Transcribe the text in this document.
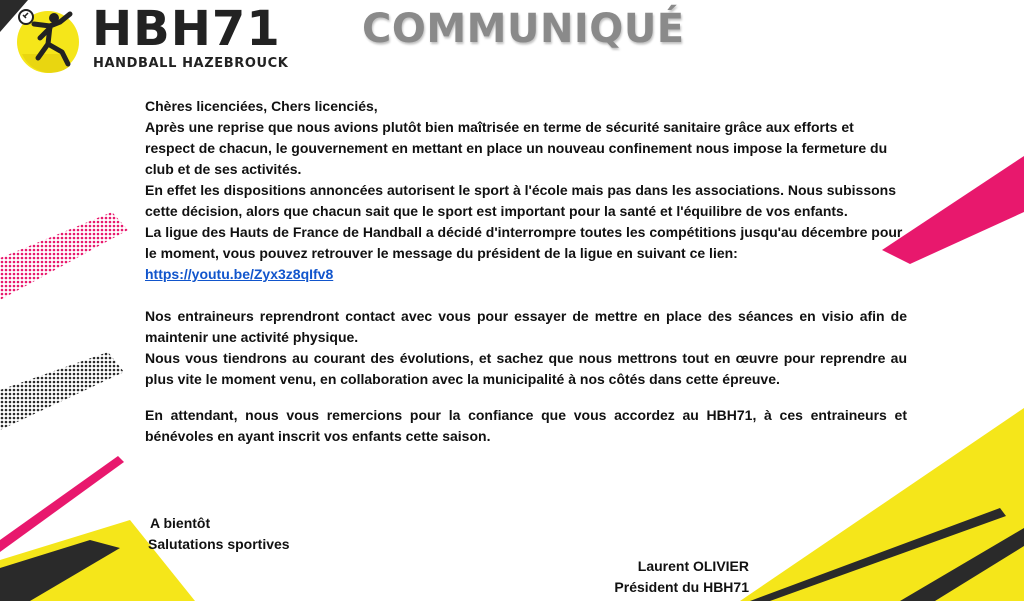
HBH71
HANDBALL HAZEBROUCK
COMMUNIQUÉ

Chères licenciées, Chers licenciés,

Après une reprise que nous avions plutôt bien maîtrisée en terme de sécurité sanitaire grâce aux efforts et respect de chacun, le gouvernement en mettant en place un nouveau confinement nous impose la fermeture du club et de ses activités.

En effet les dispositions annoncées autorisent le sport à l'école mais pas dans les associations. Nous subissons cette décision, alors que chacun sait que le sport est important pour la santé et l'équilibre de vos enfants.

La ligue des Hauts de France de Handball a décidé d'interrompre toutes les compétitions jusqu'au décembre pour le moment, vous pouvez retrouver le message du président de la ligue en suivant ce lien: https://youtu.be/Zyx3z8qIfv8

Nos entraineurs reprendront contact avec vous pour essayer de mettre en place des séances en visio afin de maintenir une activité physique.

Nous vous tiendrons au courant des évolutions, et sachez que nous mettrons tout en œuvre pour reprendre au plus vite le moment venu, en collaboration avec la municipalité à nos côtés dans cette épreuve.

En attendant, nous vous remercions pour la confiance que vous accordez au HBH71, à ces entraineurs et bénévoles en ayant inscrit vos enfants cette saison.

A bientôt

Salutations sportives

Laurent OLIVIER

Président du HBH71
